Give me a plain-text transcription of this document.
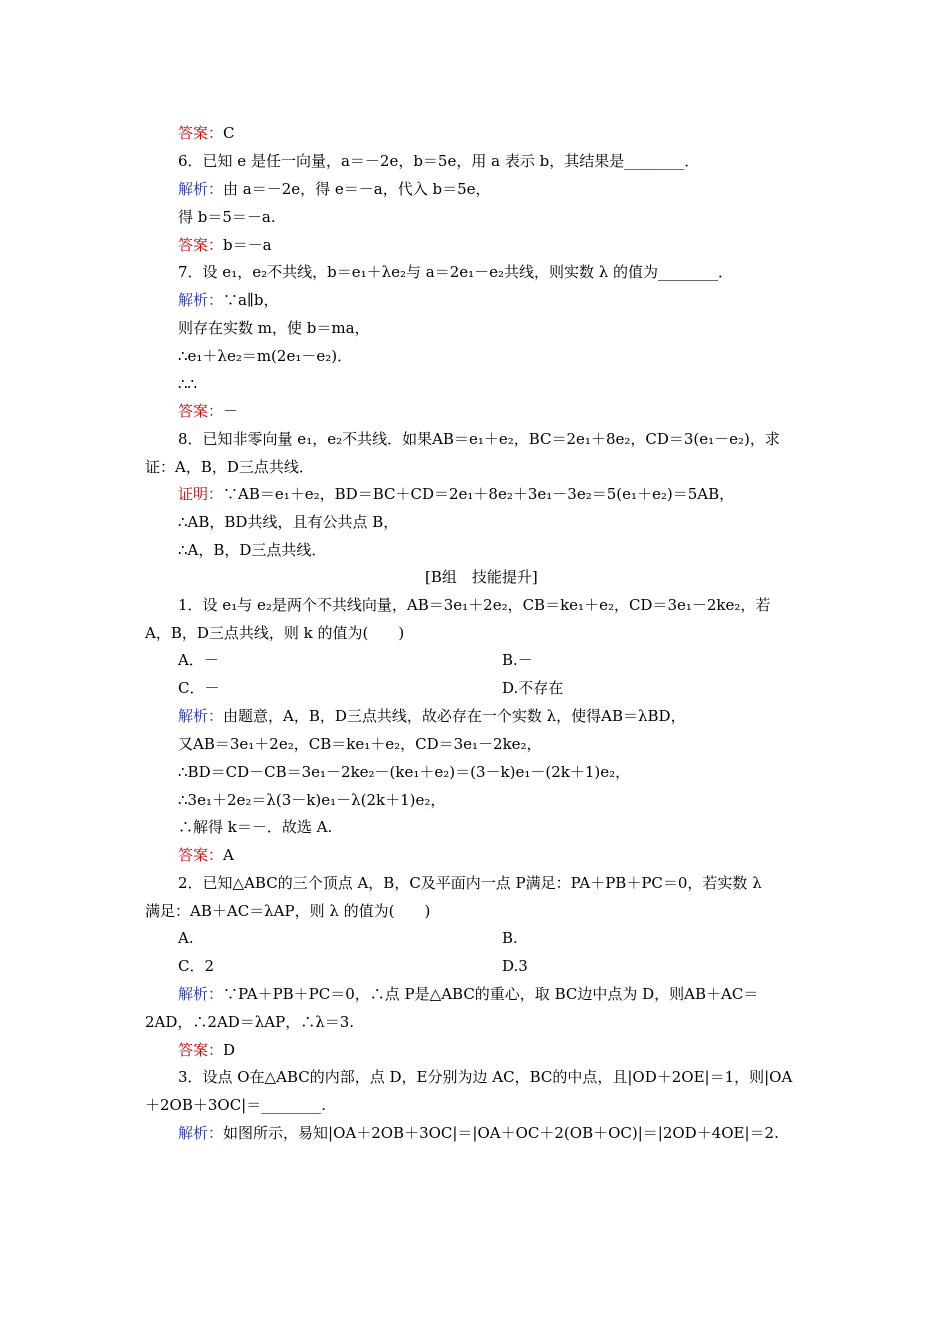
答案：C
6．已知 e 是任一向量，a＝－2e，b＝5e，用 a 表示 b，其结果是________．
解析：由 a＝－2e，得 e＝－a，代入 b＝5e，
得 b＝5＝－a.
答案：b＝－a
7．设 e₁，e₂不共线，b＝e₁＋λe₂与 a＝2e₁－e₂共线，则实数 λ 的值为________．
解析：∵a∥b，
则存在实数 m，使 b＝ma，
∴e₁＋λe₂＝m(2e₁－e₂)．
∴∴
答案：－
8．已知非零向量 e₁，e₂不共线．如果AB＝e₁＋e₂，BC＝2e₁＋8e₂，CD＝3(e₁－e₂)，求
证：A，B，D三点共线．
证明：∵AB＝e₁＋e₂，BD＝BC＋CD＝2e₁＋8e₂＋3e₁－3e₂＝5(e₁＋e₂)＝5AB，
∴AB，BD共线，且有公共点 B，
∴A，B，D三点共线．
[B组　技能提升]
1．设 e₁与 e₂是两个不共线向量，AB＝3e₁＋2e₂，CB＝ke₁＋e₂，CD＝3e₁－2ke₂，若
A，B，D三点共线，则 k 的值为(　　)
A．－
C．－
解析：由题意，A，B，D三点共线，故必存在一个实数 λ，使得AB＝λBD，
又AB＝3e₁＋2e₂，CB＝ke₁＋e₂，CD＝3e₁－2ke₂，
∴BD＝CD－CB＝3e₁－2ke₂－(ke₁＋e₂)＝(3－k)e₁－(2k＋1)e₂，
∴3e₁＋2e₂＝λ(3－k)e₁－λ(2k＋1)e₂，
∴解得 k＝－．故选 A.
答案：A
2．已知△ABC的三个顶点 A，B，C及平面内一点 P满足：PA＋PB＋PC＝0，若实数 λ
满足：AB＋AC＝λAP，则 λ 的值为(　　)
A.
C．2
解析：∵PA＋PB＋PC＝0，∴点 P是△ABC的重心，取 BC边中点为 D，则AB＋AC＝
2AD，∴2AD＝λAP，∴λ＝3.
答案：D
3．设点 O在△ABC的内部，点 D，E分别为边 AC，BC的中点，且|OD＋2OE|＝1，则|OA
＋2OB＋3OC|＝________.
解析：如图所示，易知|OA＋2OB＋3OC|＝|OA＋OC＋2(OB＋OC)|＝|2OD＋4OE|＝2.
B.－
D.不存在
B.
D.3
